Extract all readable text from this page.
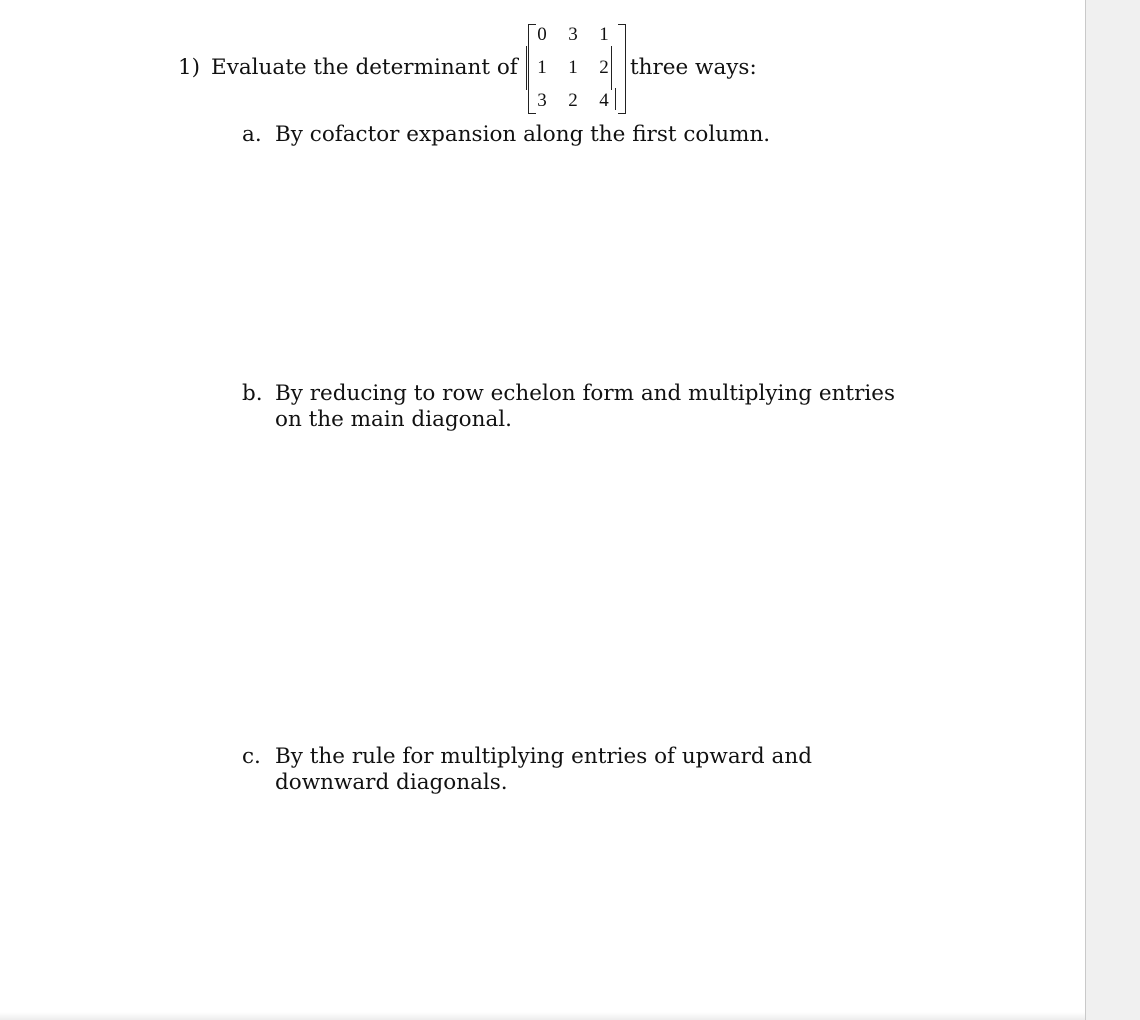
1) Evaluate the determinant of
0 3 1
1 1 2
3 2 4
three ways:
a. By cofactor expansion along the first column.
b. By reducing to row echelon form and multiplying entries on the main diagonal.
c. By the rule for multiplying entries of upward and downward diagonals.
